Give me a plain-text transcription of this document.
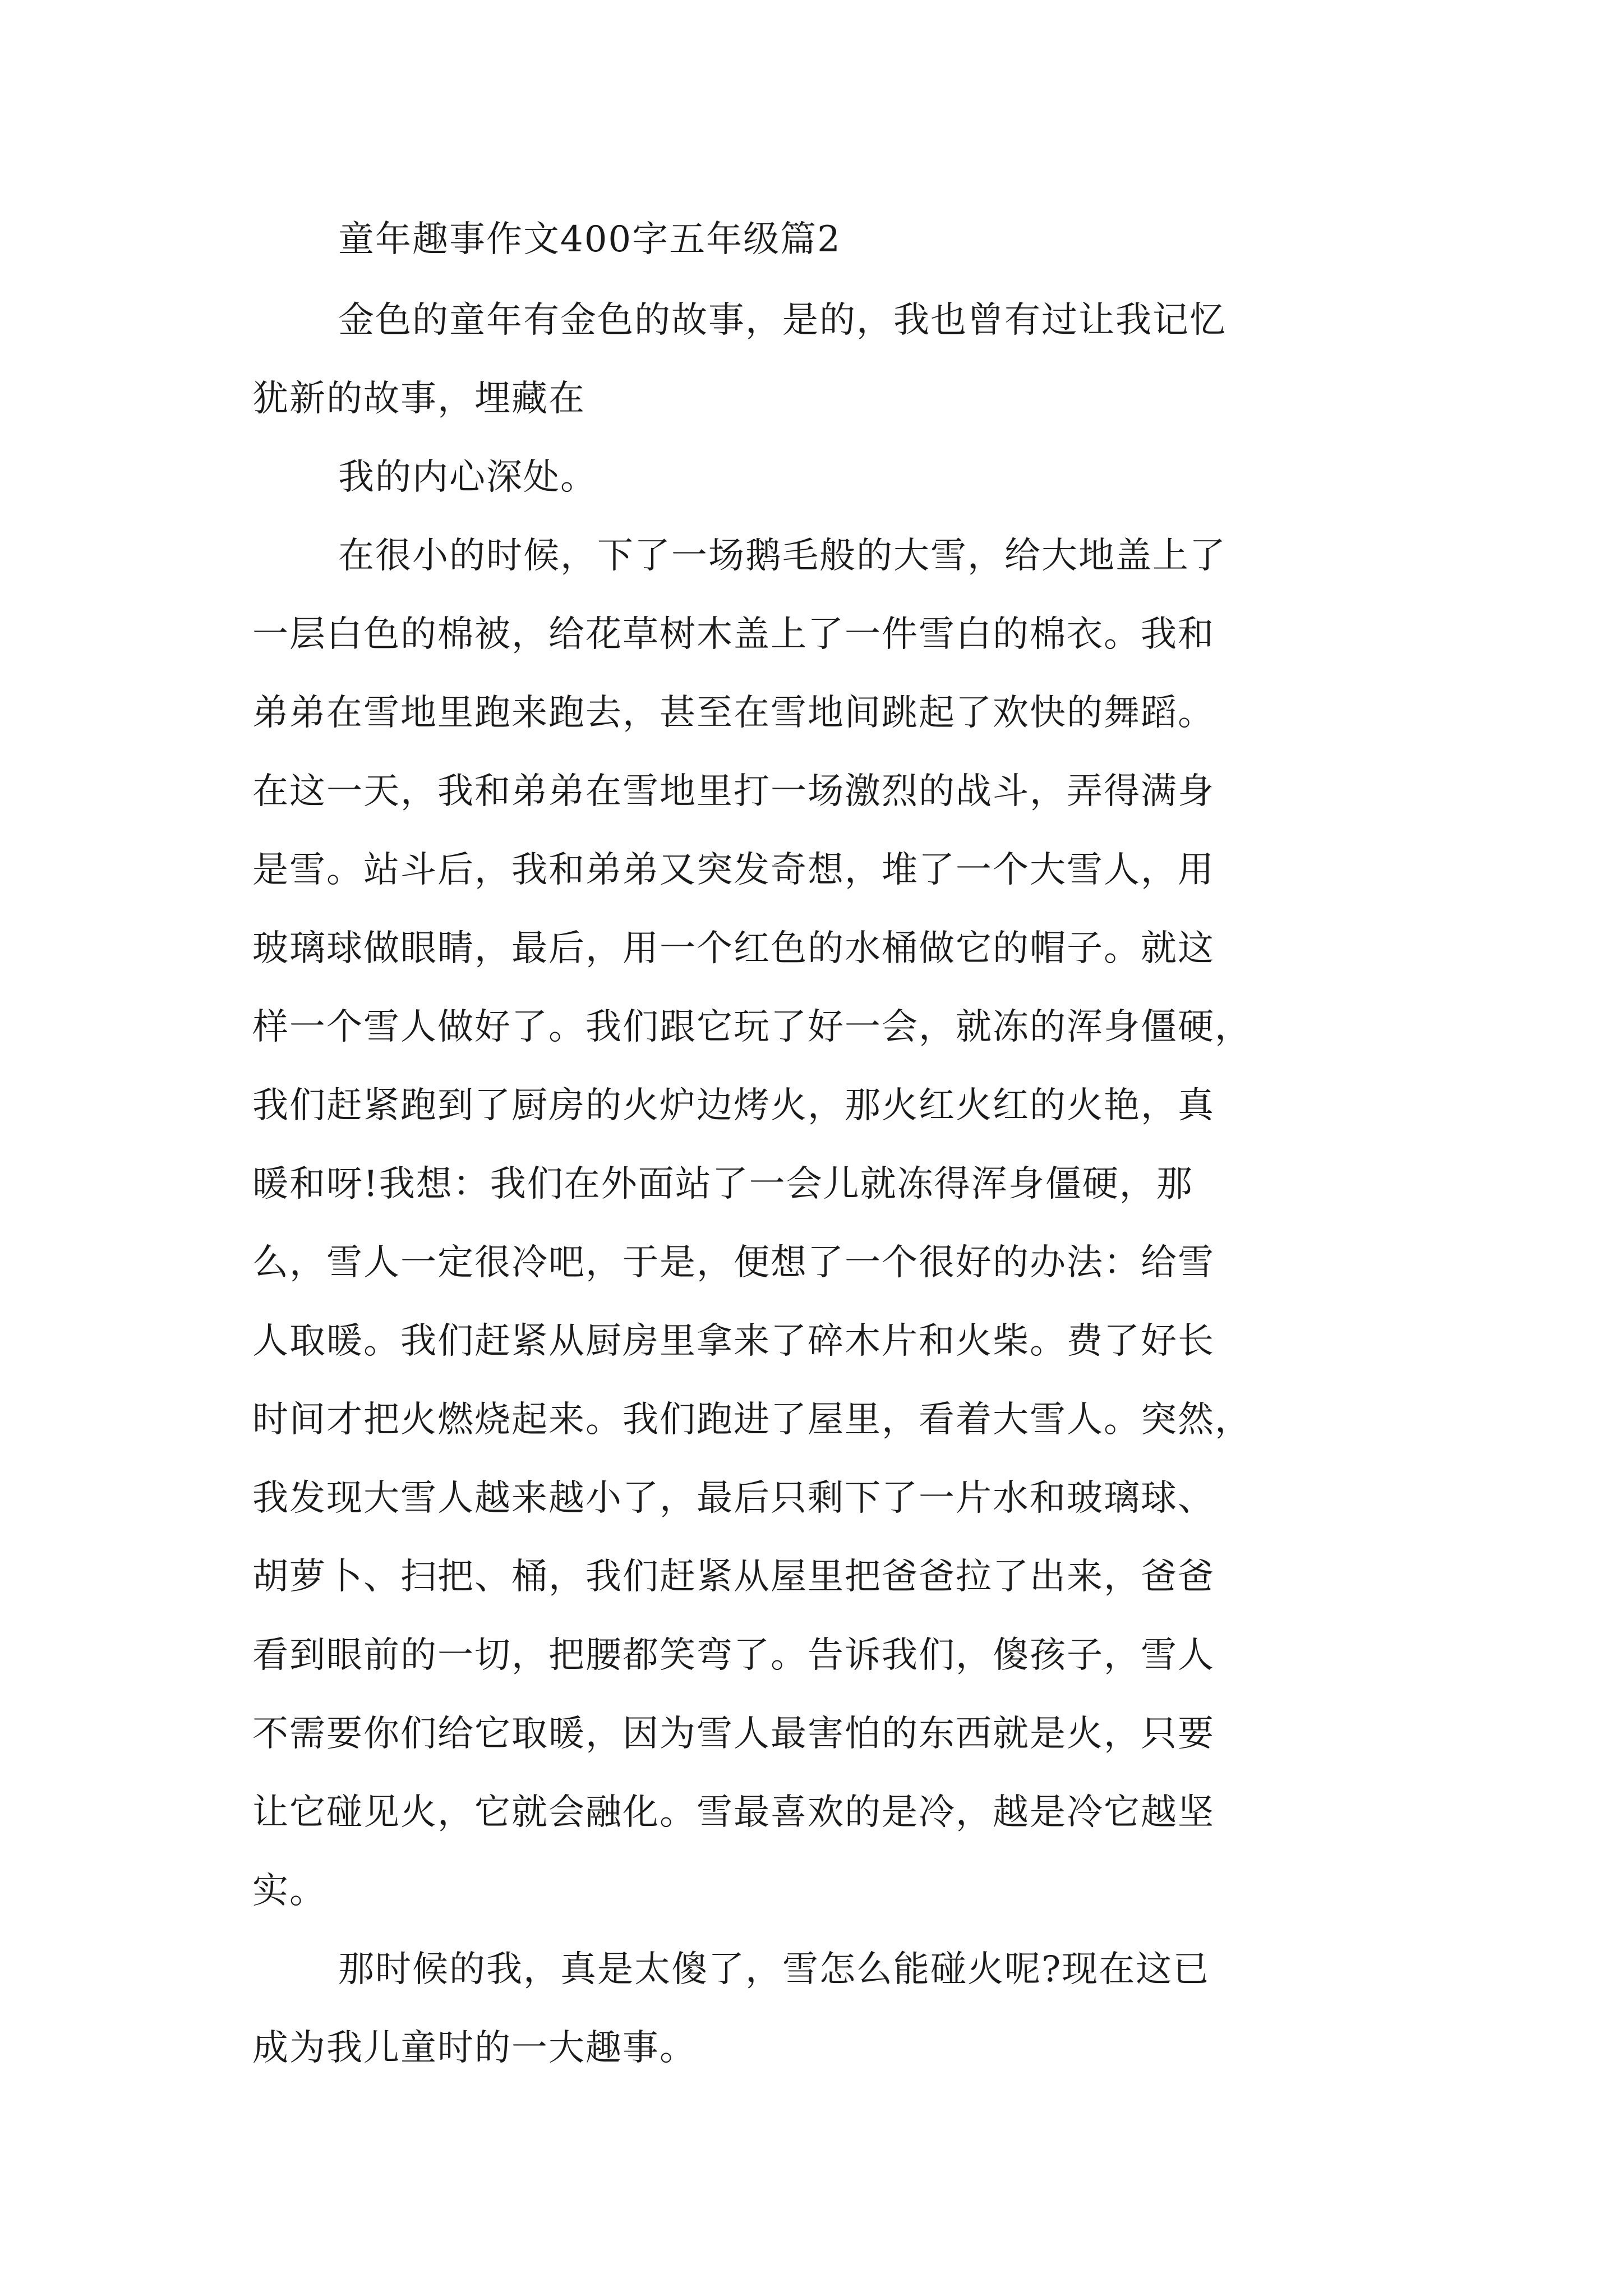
童年趣事作文400字五年级篇2
金色的童年有金色的故事，是的，我也曾有过让我记忆
犹新的故事，埋藏在
我的内心深处。
在很小的时候，下了一场鹅毛般的大雪，给大地盖上了
一层白色的棉被，给花草树木盖上了一件雪白的棉衣。我和
弟弟在雪地里跑来跑去，甚至在雪地间跳起了欢快的舞蹈。
在这一天，我和弟弟在雪地里打一场激烈的战斗，弄得满身
是雪。站斗后，我和弟弟又突发奇想，堆了一个大雪人，用
玻璃球做眼睛，最后，用一个红色的水桶做它的帽子。就这
样一个雪人做好了。我们跟它玩了好一会，就冻的浑身僵硬，
我们赶紧跑到了厨房的火炉边烤火，那火红火红的火艳，真
暖和呀!我想：我们在外面站了一会儿就冻得浑身僵硬，那
么，雪人一定很冷吧，于是，便想了一个很好的办法：给雪
人取暖。我们赶紧从厨房里拿来了碎木片和火柴。费了好长
时间才把火燃烧起来。我们跑进了屋里，看着大雪人。突然，
我发现大雪人越来越小了，最后只剩下了一片水和玻璃球、
胡萝卜、扫把、桶，我们赶紧从屋里把爸爸拉了出来，爸爸
看到眼前的一切，把腰都笑弯了。告诉我们，傻孩子，雪人
不需要你们给它取暖，因为雪人最害怕的东西就是火，只要
让它碰见火，它就会融化。雪最喜欢的是冷，越是冷它越坚
实。
那时候的我，真是太傻了，雪怎么能碰火呢?现在这已
成为我儿童时的一大趣事。
